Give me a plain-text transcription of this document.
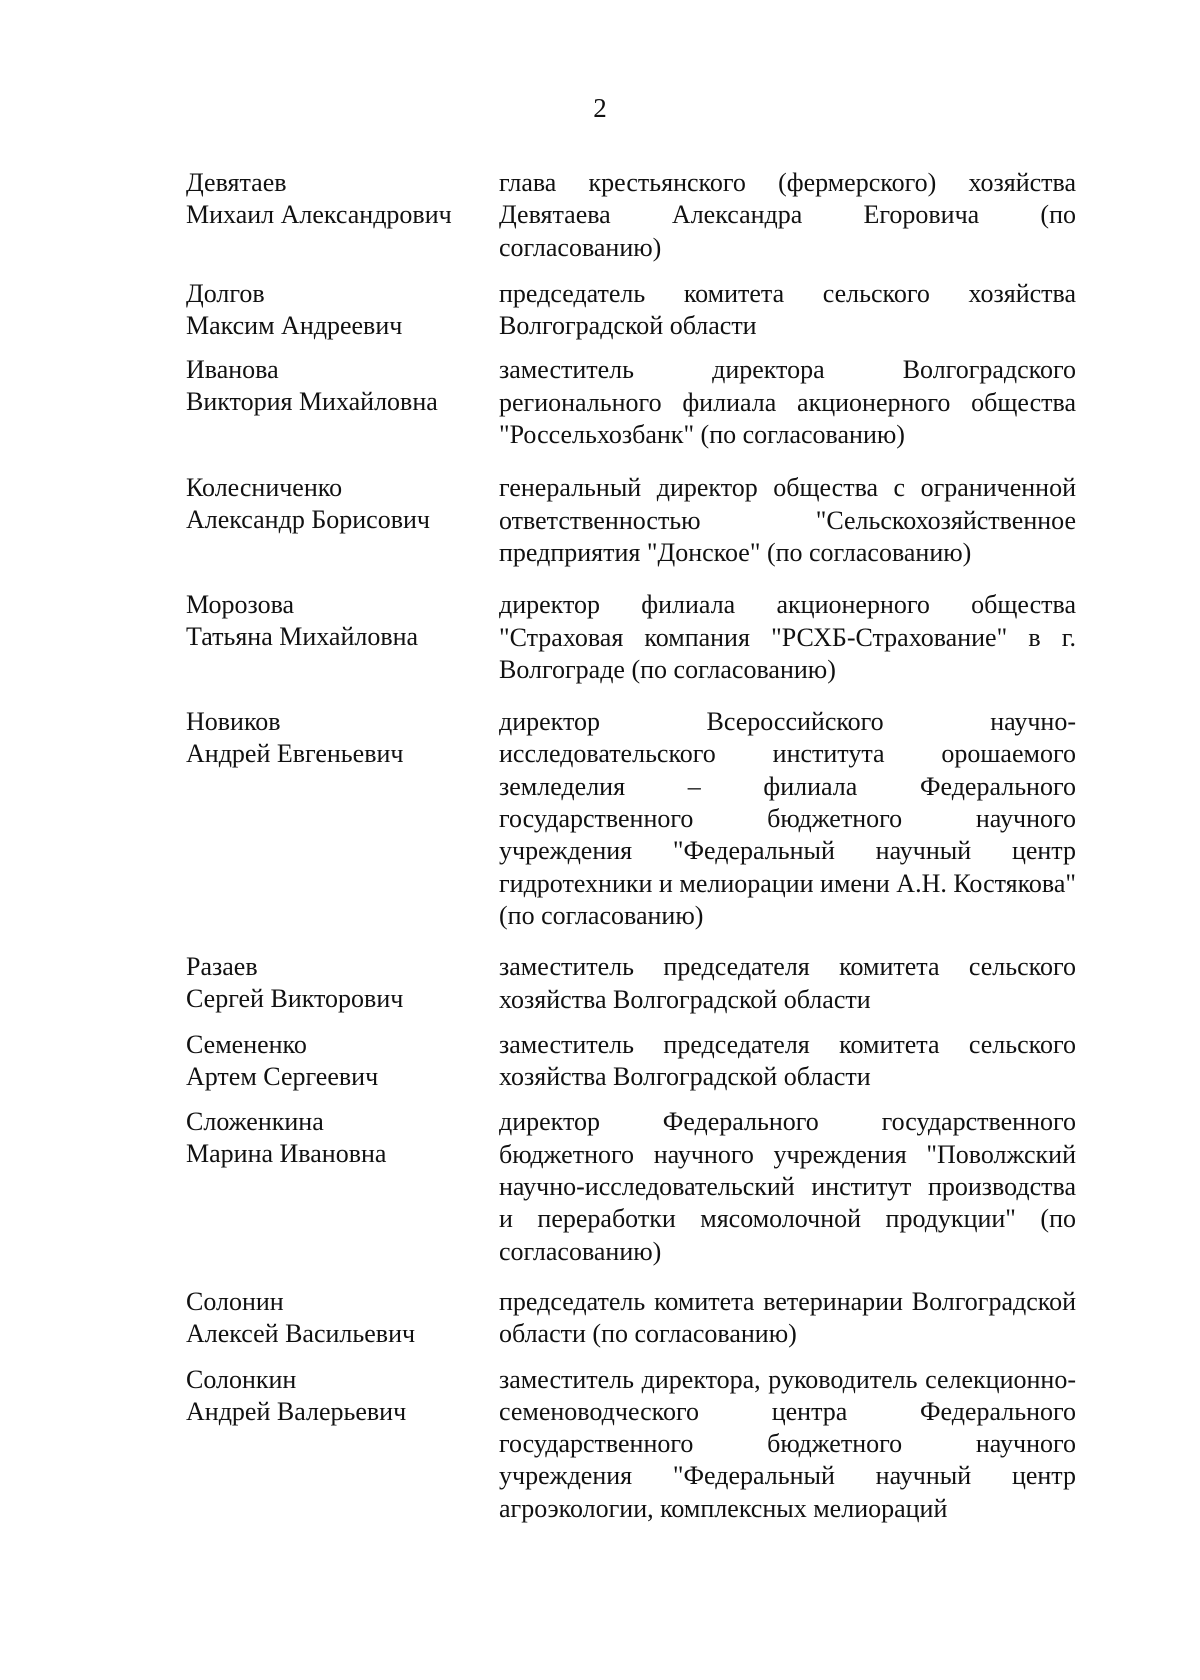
2
Девятаев
Михаил Александрович
глава крестьянского (фермерского) хозяйства Девятаева Александра Егоровича (по согласованию)
Долгов
Максим Андреевич
председатель комитета сельского хозяйства Волгоградской области
Иванова
Виктория Михайловна
заместитель директора Волгоградского регионального филиала акционерного общества "Россельхозбанк" (по согласованию)
Колесниченко
Александр Борисович
генеральный директор общества с ограниченной ответственностью "Сельскохозяйственное предприятия "Донское" (по согласованию)
Морозова
Татьяна Михайловна
директор филиала акционерного общества "Страховая компания "РСХБ-Страхование" в г. Волгограде (по согласованию)
Новиков
Андрей Евгеньевич
директор Всероссийского научно-исследовательского института орошаемого земледелия – филиала Федерального государственного бюджетного научного учреждения "Федеральный научный центр гидротехники и мелиорации имени А.Н. Костякова" (по согласованию)
Разаев
Сергей Викторович
заместитель председателя комитета сельского хозяйства Волгоградской области
Семененко
Артем Сергеевич
заместитель председателя комитета сельского хозяйства Волгоградской области
Сложенкина
Марина Ивановна
директор Федерального государственного бюджетного научного учреждения "Поволжский научно-исследовательский институт производства и переработки мясомолочной продукции" (по согласованию)
Солонин
Алексей Васильевич
председатель комитета ветеринарии Волгоградской области (по согласованию)
Солонкин
Андрей Валерьевич
заместитель директора, руководитель селекционно-семеноводческого центра Федерального государственного бюджетного научного учреждения "Федеральный научный центр агроэкологии, комплексных мелиораций
